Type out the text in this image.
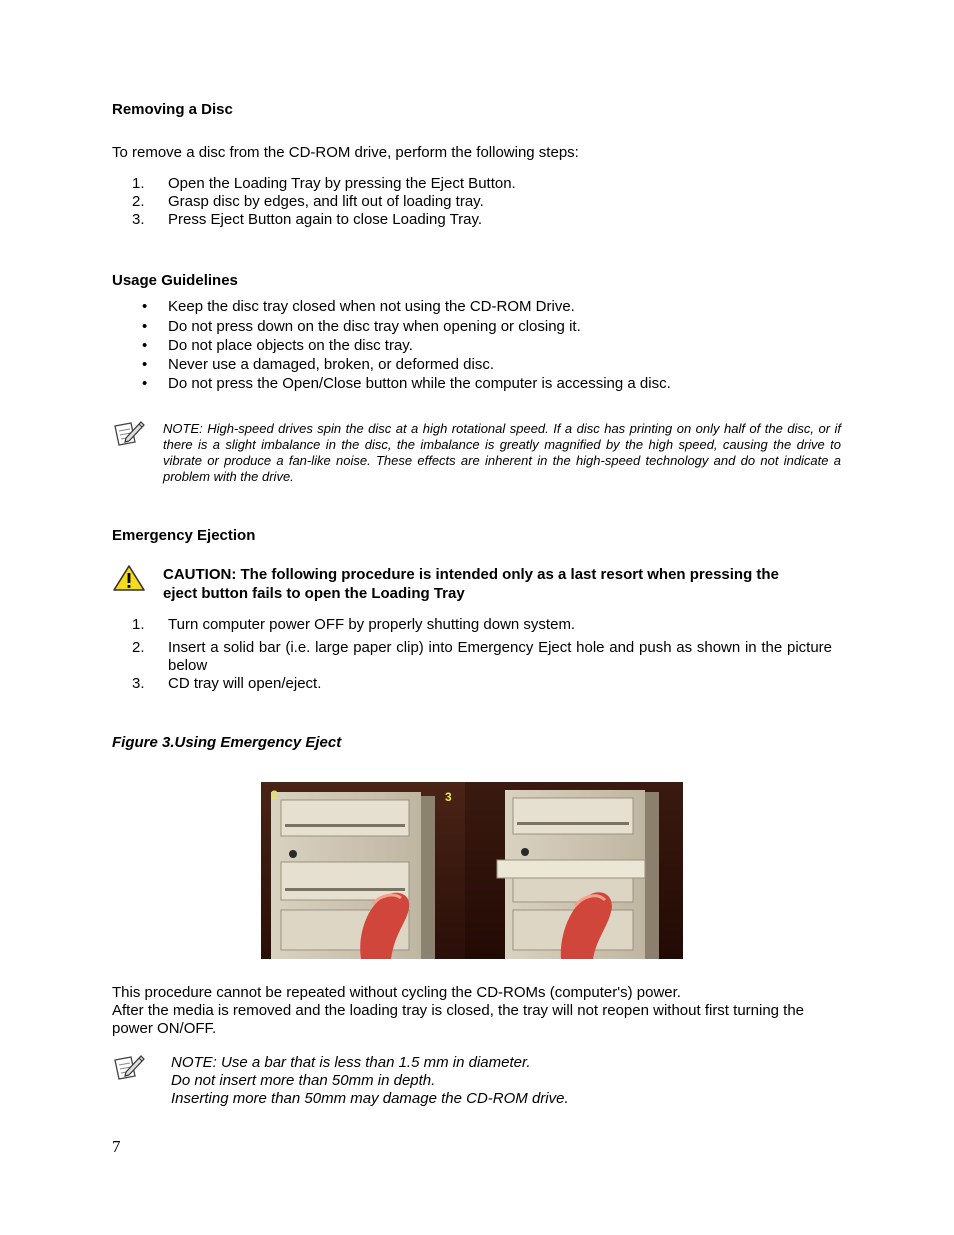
Removing a Disc
To remove a disc from the CD-ROM drive, perform the following steps:
1.	Open the Loading Tray by pressing the Eject Button.
2.	Grasp disc by edges, and lift out of loading tray.
3.	Press Eject Button again to close Loading Tray.
Usage Guidelines
• Keep the disc tray closed when not using the CD-ROM Drive.
• Do not press down on the disc tray when opening or closing it.
• Do not place objects on the disc tray.
• Never use a damaged, broken, or deformed disc.
• Do not press the Open/Close button while the computer is accessing a disc.
NOTE: High-speed drives spin the disc at a high rotational speed. If a disc has printing on only half of the disc, or if there is a slight imbalance in the disc, the imbalance is greatly magnified by the high speed, causing the drive to vibrate or produce a fan-like noise. These effects are inherent in the high-speed technology and do not indicate a problem with the drive.
Emergency Ejection
CAUTION: The following procedure is intended only as a last resort when pressing the
eject button fails to open the Loading Tray
1.	Turn computer power OFF by properly shutting down system.
2.	Insert a solid bar (i.e. large paper clip) into Emergency Eject hole and push as shown in the picture below
3.	CD tray will open/eject.
Figure 3.Using Emergency Eject
2	3
This procedure cannot be repeated without cycling the CD-ROMs (computer's) power.
After the media is removed and the loading tray is closed, the tray will not reopen without first turning the power ON/OFF.
NOTE: Use a bar that is less than 1.5 mm in diameter.
Do not insert more than 50mm in depth.
Inserting more than 50mm may damage the CD-ROM drive.
7
